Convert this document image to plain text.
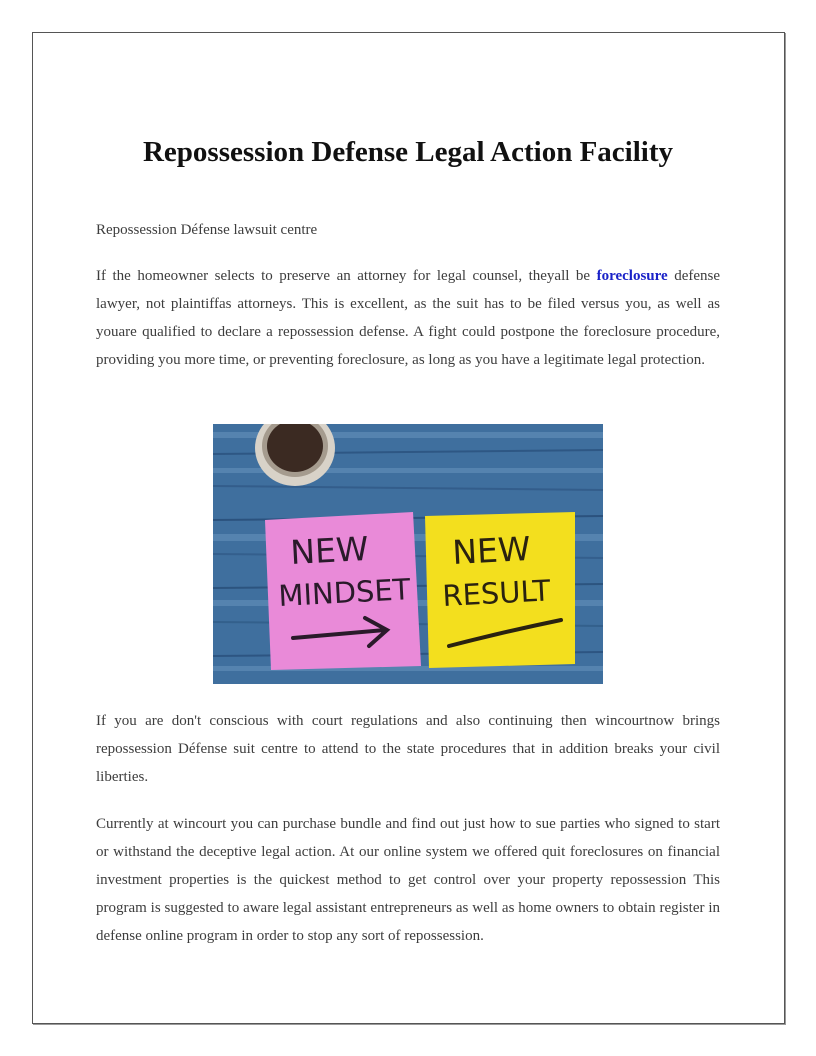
Repossession Defense Legal Action Facility

Repossession Défense lawsuit centre

If the homeowner selects to preserve an attorney for legal counsel, theyall be foreclosure defense lawyer, not plaintiffas attorneys. This is excellent, as the suit has to be filed versus you, as well as youare qualified to declare a repossession defense. A fight could postpone the foreclosure procedure, providing you more time, or preventing foreclosure, as long as you have a legitimate legal protection.

NEW
MINDSET
NEW
RESULT

If you are don't conscious with court regulations and also continuing then wincourtnow brings repossession Défense suit centre to attend to the state procedures that in addition breaks your civil liberties.

Currently at wincourt you can purchase bundle and find out just how to sue parties who signed to start or withstand the deceptive legal action. At our online system we offered quit foreclosures on financial investment properties is the quickest method to get control over your property repossession This program is suggested to aware legal assistant entrepreneurs as well as home owners to obtain register in defense online program in order to stop any sort of repossession.
